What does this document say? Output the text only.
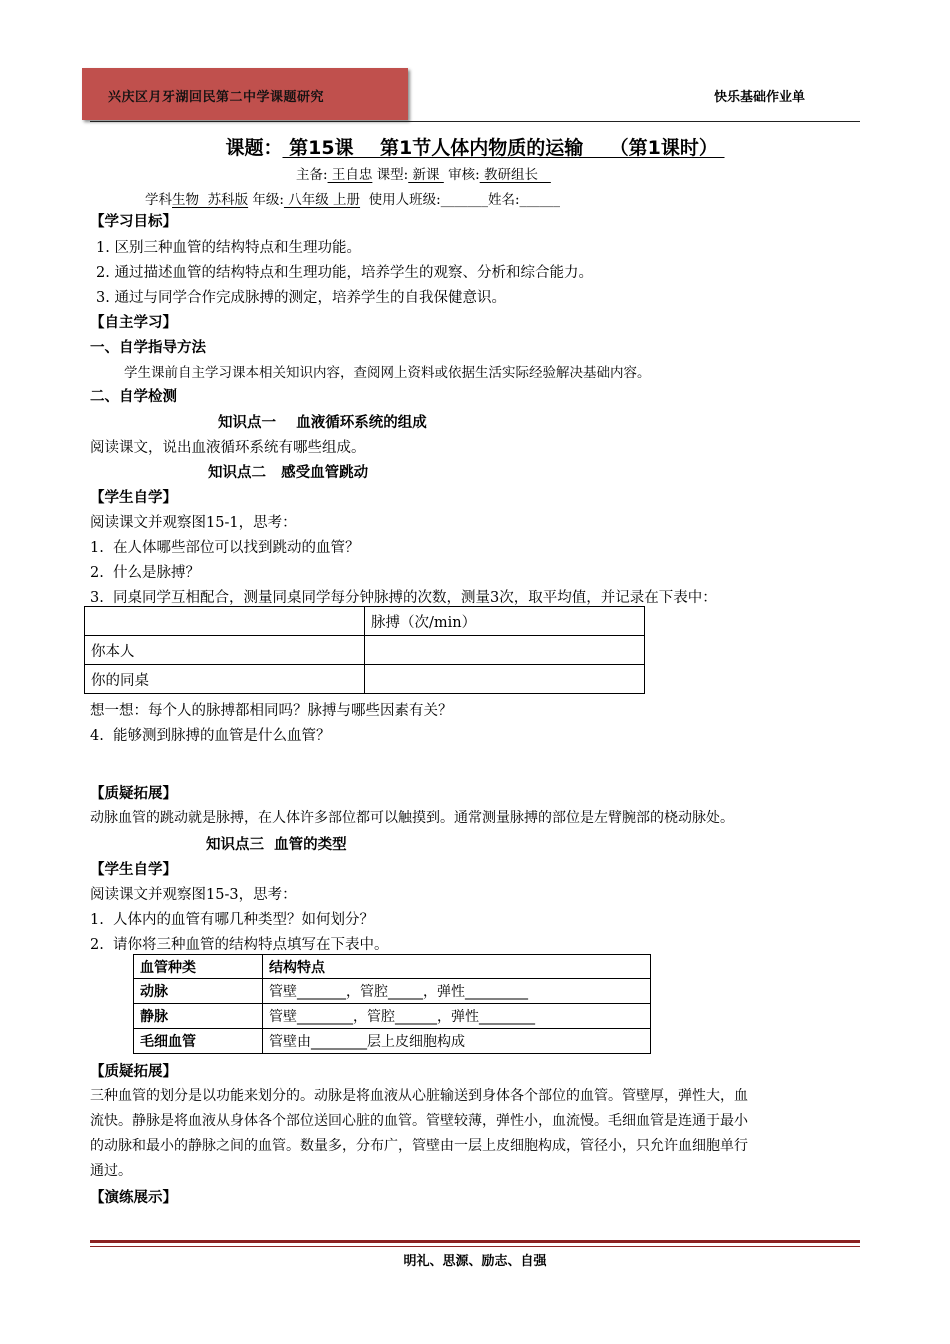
兴庆区月牙湖回民第二中学课题研究	快乐基础作业单
课题： 第15课    第1节人体内物质的运输    （第1课时）
主备: 王自忠 课型: 新课  审核: 教研组长
学科生物  苏科版 年级: 八年级 上册 使用人班级:_______姓名:______
【学习目标】
1. 区别三种血管的结构特点和生理功能。
2. 通过描述血管的结构特点和生理功能，培养学生的观察、分析和综合能力。
3. 通过与同学合作完成脉搏的测定，培养学生的自我保健意识。
【自主学习】
一、自学指导方法
学生课前自主学习课本相关知识内容，查阅网上资料或依据生活实际经验解决基础内容。
二、自学检测
知识点一    血液循环系统的组成
阅读课文，说出血液循环系统有哪些组成。
知识点二   感受血管跳动
【学生自学】
阅读课文并观察图15-1，思考：
1.  在人体哪些部位可以找到跳动的血管？
2.  什么是脉搏？
3.  同桌同学互相配合，测量同桌同学每分钟脉搏的次数，测量3次，取平均值，并记录在下表中：
	脉搏（次/min）
你本人	
你的同桌	
想一想：每个人的脉搏都相同吗？脉搏与哪些因素有关？
4.  能够测到脉搏的血管是什么血管？
【质疑拓展】
动脉血管的跳动就是脉搏，在人体许多部位都可以触摸到。通常测量脉搏的部位是左臂腕部的桡动脉处。
知识点三  血管的类型
【学生自学】
阅读课文并观察图15-3，思考：
1.  人体内的血管有哪几种类型？如何划分？
2.  请你将三种血管的结构特点填写在下表中。
血管种类	结构特点
动脉	管壁_______，管腔_____，弹性_________
静脉	管壁________，管腔______，弹性________
毛细血管	管壁由________层上皮细胞构成
【质疑拓展】
三种血管的划分是以功能来划分的。动脉是将血液从心脏输送到身体各个部位的血管。管壁厚，弹性大，血
流快。静脉是将血液从身体各个部位送回心脏的血管。管壁较薄，弹性小，血流慢。毛细血管是连通于最小
的动脉和最小的静脉之间的血管。数量多，分布广，管壁由一层上皮细胞构成，管径小，只允许血细胞单行
通过。
【演练展示】
明礼、思源、励志、自强
